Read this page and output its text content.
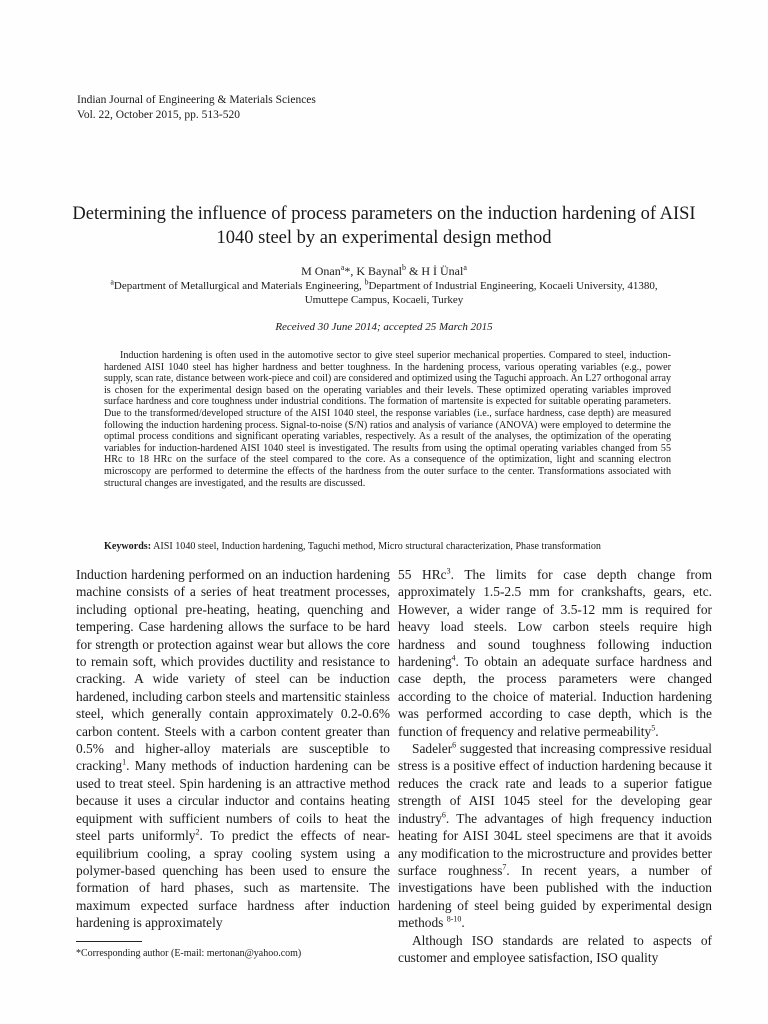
Indian Journal of Engineering & Materials Sciences
Vol. 22, October 2015, pp. 513-520
Determining the influence of process parameters on the induction hardening of AISI 1040 steel by an experimental design method
M Onan$^a$*, K Baynal$^b$ & H İ Ünal$^a$
$^a$Department of Metallurgical and Materials Engineering, $^b$Department of Industrial Engineering, Kocaeli University, 41380, Umuttepe Campus, Kocaeli, Turkey
Received 30 June 2014; accepted 25 March 2015

Induction hardening is often used in the automotive sector to give steel superior mechanical properties. Compared to steel, induction-hardened AISI 1040 steel has higher hardness and better toughness. In the hardening process, various operating variables (e.g., power supply, scan rate, distance between work-piece and coil) are considered and optimized using the Taguchi approach. An L27 orthogonal array is chosen for the experimental design based on the operating variables and their levels. These optimized operating variables improved surface hardness and core toughness under industrial conditions. The formation of martensite is expected for suitable operating parameters. Due to the transformed/developed structure of the AISI 1040 steel, the response variables (i.e., surface hardness, case depth) are measured following the induction hardening process. Signal-to-noise (S/N) ratios and analysis of variance (ANOVA) were employed to determine the optimal process conditions and significant operating variables, respectively. As a result of the analyses, the optimization of the operating variables for induction-hardened AISI 1040 steel is investigated. The results from using the optimal operating variables changed from 55 HRc to 18 HRc on the surface of the steel compared to the core. As a consequence of the optimization, light and scanning electron microscopy are performed to determine the effects of the hardness from the outer surface to the center. Transformations associated with structural changes are investigated, and the results are discussed.

Keywords: AISI 1040 steel, Induction hardening, Taguchi method, Micro structural characterization, Phase transformation

Induction hardening performed on an induction hardening machine consists of a series of heat treatment processes, including optional pre-heating, heating, quenching and tempering. Case hardening allows the surface to be hard for strength or protection against wear but allows the core to remain soft, which provides ductility and resistance to cracking. A wide variety of steel can be induction hardened, including carbon steels and martensitic stainless steel, which generally contain approximately 0.2-0.6% carbon content. Steels with a carbon content greater than 0.5% and higher-alloy materials are susceptible to cracking$^1$. Many methods of induction hardening can be used to treat steel. Spin hardening is an attractive method because it uses a circular inductor and contains heating equipment with sufficient numbers of coils to heat the steel parts uniformly$^2$. To predict the effects of near-equilibrium cooling, a spray cooling system using a polymer-based quenching has been used to ensure the formation of hard phases, such as martensite. The maximum expected surface hardness after induction hardening is approximately

55 HRc$^3$. The limits for case depth change from approximately 1.5-2.5 mm for crankshafts, gears, etc. However, a wider range of 3.5-12 mm is required for heavy load steels. Low carbon steels require high hardness and sound toughness following induction hardening$^4$. To obtain an adequate surface hardness and case depth, the process parameters were changed according to the choice of material. Induction hardening was performed according to case depth, which is the function of frequency and relative permeability$^5$.

Sadeler$^6$ suggested that increasing compressive residual stress is a positive effect of induction hardening because it reduces the crack rate and leads to a superior fatigue strength of AISI 1045 steel for the developing gear industry$^6$. The advantages of high frequency induction heating for AISI 304L steel specimens are that it avoids any modification to the microstructure and provides better surface roughness$^7$. In recent years, a number of investigations have been published with the induction hardening of steel being guided by experimental design methods $^{8-10}$.

Although ISO standards are related to aspects of customer and employee satisfaction, ISO quality

*Corresponding author (E-mail: mertonan@yahoo.com)
